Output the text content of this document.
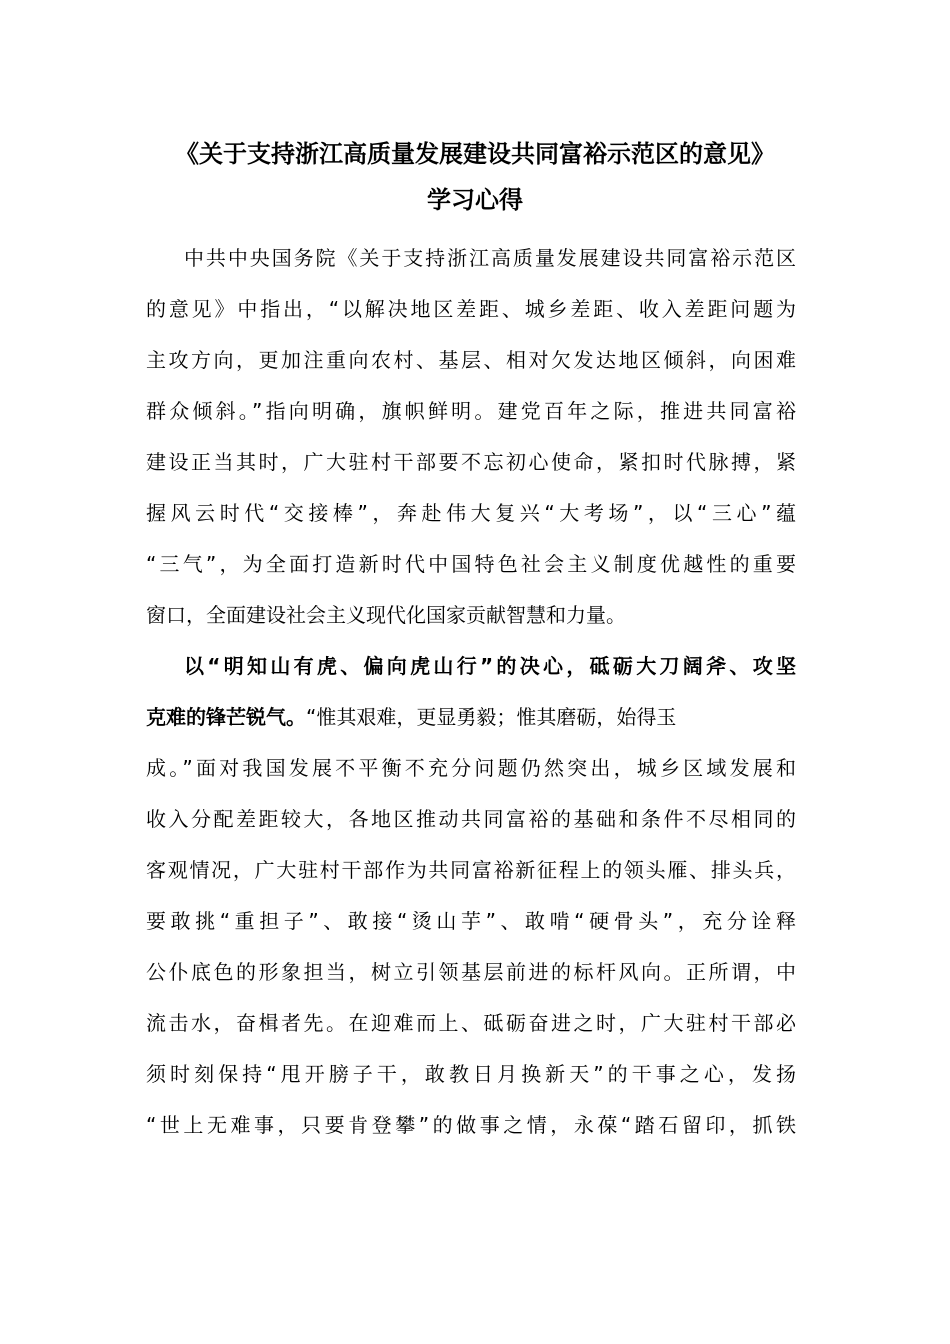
《关于支持浙江高质量发展建设共同富裕示范区的意见》
学习心得
中共中央国务院《关于支持浙江高质量发展建设共同富裕示范区
的意见》中指出，“以解决地区差距、城乡差距、收入差距问题为
主攻方向，更加注重向农村、基层、相对欠发达地区倾斜，向困难
群众倾斜。”指向明确，旗帜鲜明。建党百年之际，推进共同富裕
建设正当其时，广大驻村干部要不忘初心使命，紧扣时代脉搏，紧
握风云时代“交接棒”，奔赴伟大复兴“大考场”，以“三心”蕴
“三气”，为全面打造新时代中国特色社会主义制度优越性的重要
窗口，全面建设社会主义现代化国家贡献智慧和力量。
以“明知山有虎、偏向虎山行”的决心，砥砺大刀阔斧、攻坚
克难的锋芒锐气。“惟其艰难，更显勇毅；惟其磨砺，始得玉
成。”面对我国发展不平衡不充分问题仍然突出，城乡区域发展和
收入分配差距较大，各地区推动共同富裕的基础和条件不尽相同的
客观情况，广大驻村干部作为共同富裕新征程上的领头雁、排头兵，
要敢挑“重担子”、敢接“烫山芋”、敢啃“硬骨头”，充分诠释
公仆底色的形象担当，树立引领基层前进的标杆风向。正所谓，中
流击水，奋楫者先。在迎难而上、砥砺奋进之时，广大驻村干部必
须时刻保持“甩开膀子干，敢教日月换新天”的干事之心，发扬
“世上无难事，只要肯登攀”的做事之情，永葆“踏石留印，抓铁
